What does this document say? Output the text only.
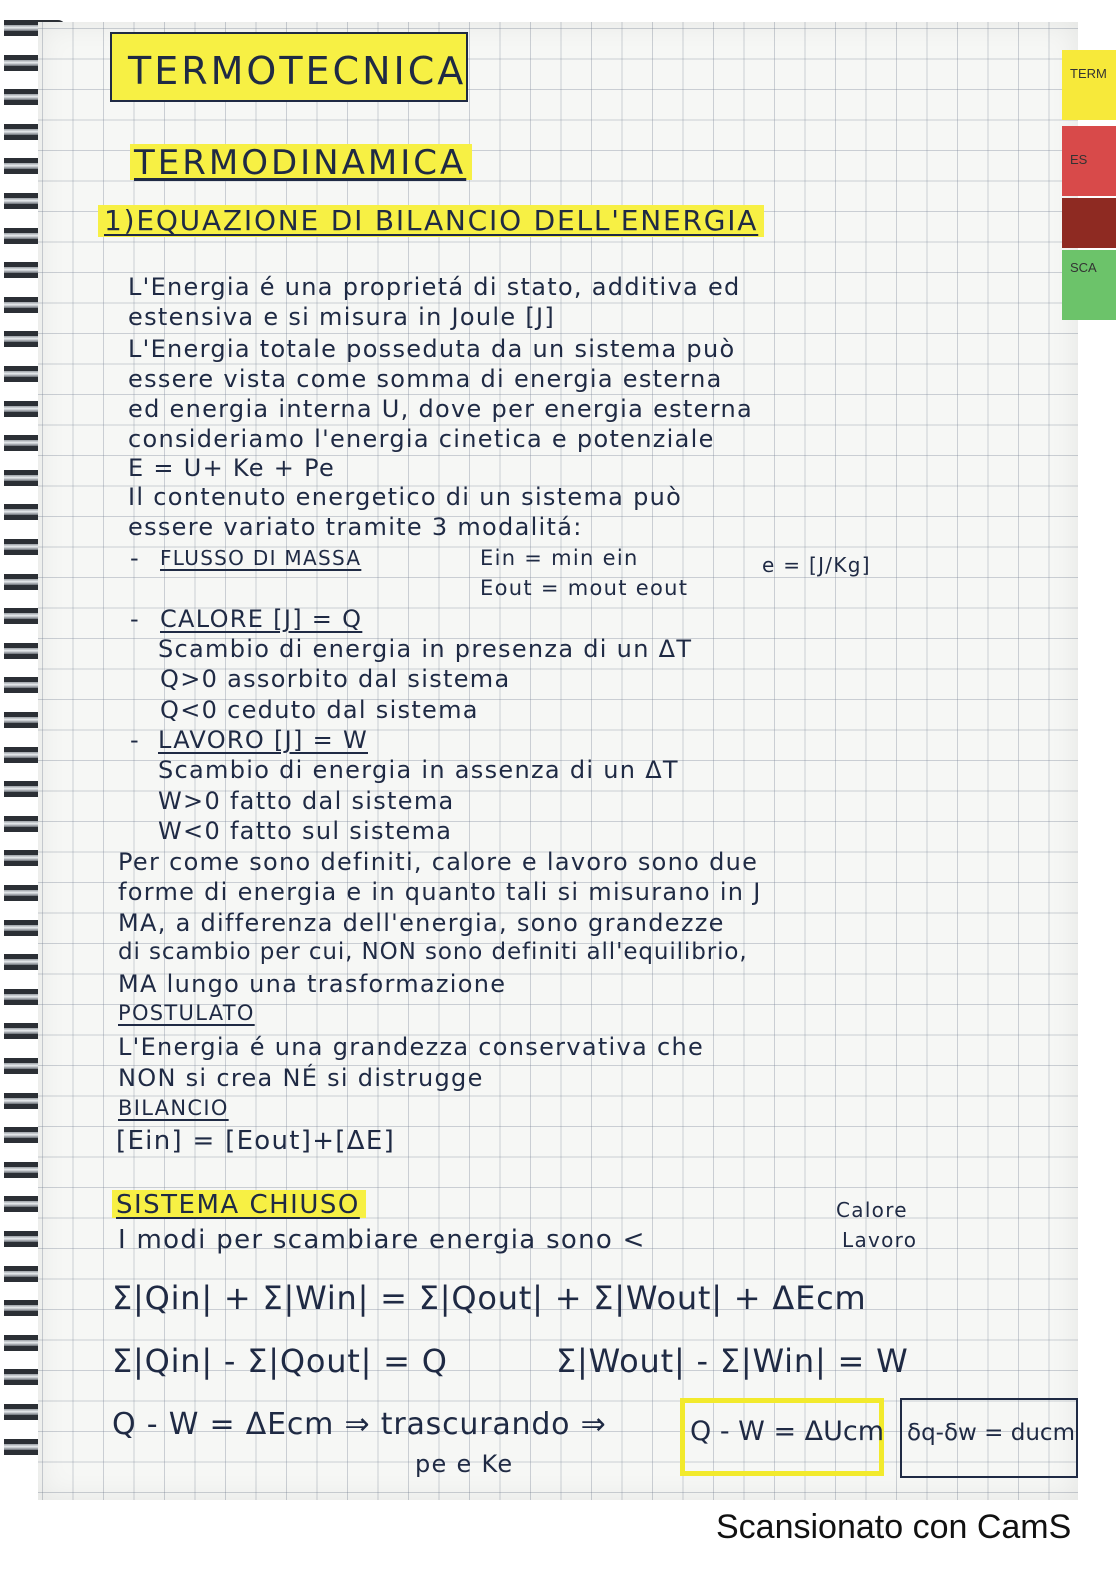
TERM
ES
SCA
TERMOTECNICA
TERMODINAMICA
1)EQUAZIONE DI BILANCIO DELL'ENERGIA
L'Energia é una proprietá di stato, additiva ed
estensiva e si misura in Joule [J]
L'Energia totale posseduta da un sistema può
essere vista come somma di energia esterna
ed energia interna U, dove per energia esterna
consideriamo l'energia cinetica e potenziale
E = U+ Ke + Pe
Il contenuto energetico di un sistema può
essere variato tramite 3 modalitá:
- FLUSSO DI MASSA	Ein = min ein	e = [J/Kg]
Eout = mout eout
- CALORE [J] = Q
Scambio di energia in presenza di un ΔT
Q>0 assorbito dal sistema
Q<0 ceduto dal sistema
- LAVORO [J] = W
Scambio di energia in assenza di un ΔT
W>0 fatto dal sistema
W<0 fatto sul sistema
Per come sono definiti, calore e lavoro sono due
forme di energia e in quanto tali si misurano in J
MA, a differenza dell'energia, sono grandezze
di scambio per cui, NON sono definiti all'equilibrio,
MA lungo una trasformazione
POSTULATO
L'Energia é una grandezza conservativa che
NON si crea NÉ si distrugge
BILANCIO
[Ein] = [Eout]+[ΔE]
SISTEMA CHIUSO	Calore
I modi per scambiare energia sono <	Lavoro
Σ|Qin| + Σ|Win| = Σ|Qout| + Σ|Wout| + ΔEcm
Σ|Qin| - Σ|Qout| = Q	Σ|Wout| - Σ|Win| = W
Q - W = ΔEcm ⇒ trascurando ⇒
pe e Ke
Q - W = ΔUcm δq-δw = ducm
Scansionato con CamS
